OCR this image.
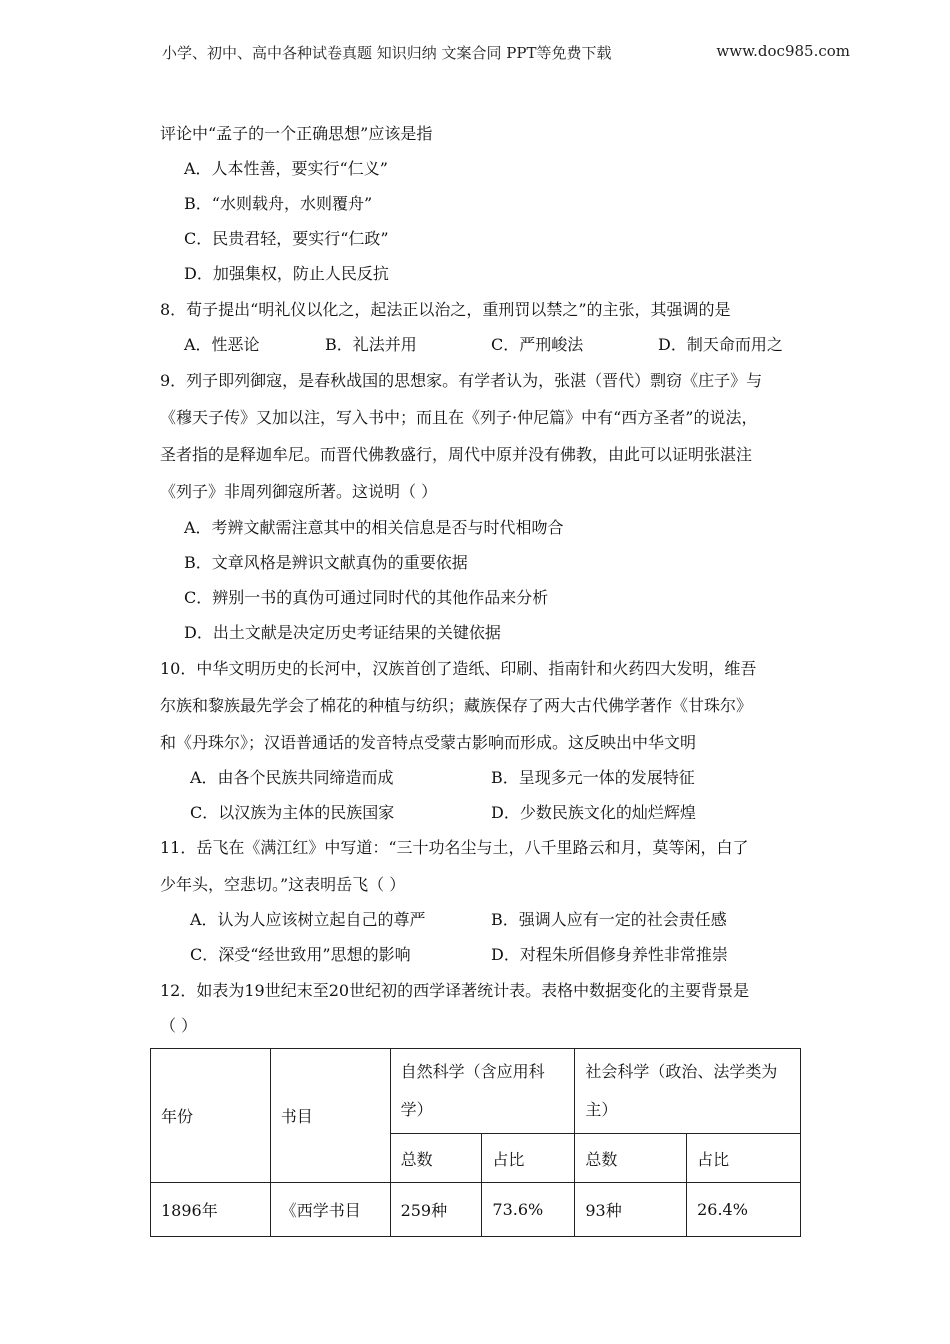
小学、初中、高中各种试卷真题 知识归纳 文案合同 PPT等免费下载	www.doc985.com
评论中“孟子的一个正确思想”应该是指
A．人本性善，要实行“仁义”
B．“水则载舟，水则覆舟”
C．民贵君轻，要实行“仁政”
D．加强集权，防止人民反抗
8．荀子提出“明礼仪以化之，起法正以治之，重刑罚以禁之”的主张，其强调的是
A．性恶论	B．礼法并用	C．严刑峻法	D．制天命而用之
9．列子即列御寇，是春秋战国的思想家。有学者认为，张湛（晋代）剽窃《庄子》与
《穆天子传》又加以注，写入书中；而且在《列子·仲尼篇》中有“西方圣者”的说法，
圣者指的是释迦牟尼。而晋代佛教盛行，周代中原并没有佛教，由此可以证明张湛注
《列子》非周列御寇所著。这说明（ ）
A．考辨文献需注意其中的相关信息是否与时代相吻合
B．文章风格是辨识文献真伪的重要依据
C．辨别一书的真伪可通过同时代的其他作品来分析
D．出土文献是决定历史考证结果的关键依据
10．中华文明历史的长河中，汉族首创了造纸、印刷、指南针和火药四大发明，维吾
尔族和黎族最先学会了棉花的种植与纺织；藏族保存了两大古代佛学著作《甘珠尔》
和《丹珠尔》；汉语普通话的发音特点受蒙古影响而形成。这反映出中华文明
A．由各个民族共同缔造而成	B．呈现多元一体的发展特征
C．以汉族为主体的民族国家	D．少数民族文化的灿烂辉煌
11．岳飞在《满江红》中写道：“三十功名尘与土，八千里路云和月，莫等闲，白了
少年头，空悲切。”这表明岳飞（ ）
A．认为人应该树立起自己的尊严	B．强调人应有一定的社会责任感
C．深受“经世致用”思想的影响	D．对程朱所倡修身养性非常推崇
12．如表为19世纪末至20世纪初的西学译著统计表。表格中数据变化的主要背景是
（ ）
年份	书目	自然科学（含应用科学）		社会科学（政治、法学类为主）	
		总数	占比	总数	占比
1896年	《西学书目	259种	73.6%	93种	26.4%
